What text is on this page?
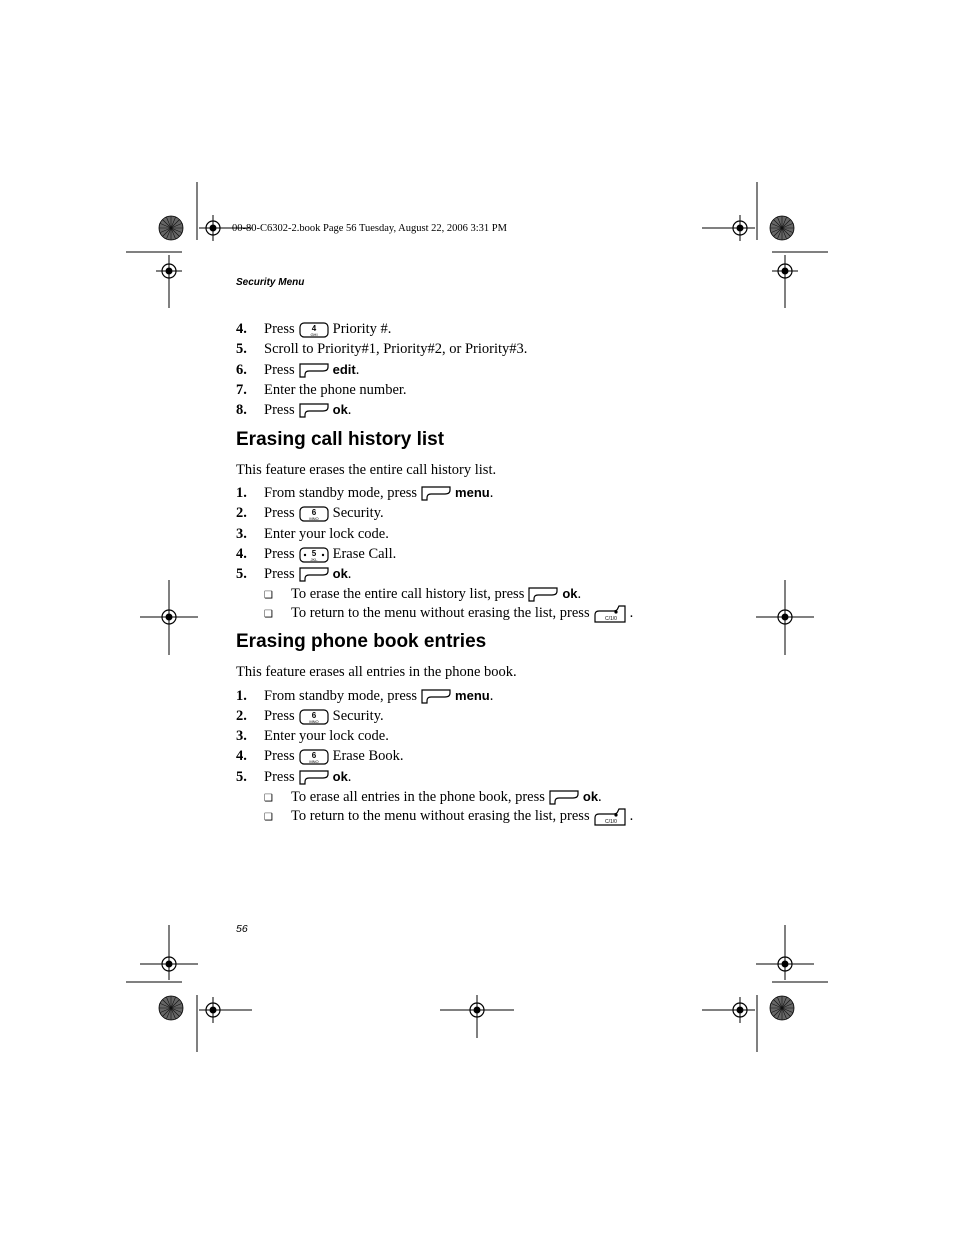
00-80-C6302-2.book Page 56 Tuesday, August 22, 2006 3:31 PM
Security Menu
4. Press 4
GHI Priority #.
5. Scroll to Priority#1, Priority#2, or Priority#3.
6. Press	edit.
7. Enter the phone number.
8. Press	ok.
Erasing call history list
This feature erases the entire call history list.
1. From standby mode, press	menu.
2. Press 6
MNO Security.
3. Enter your lock code.
4. Press 5
JKL Erase Call.
5. Press	ok.
❑ To erase the entire call history list, press	ok.
❑ To return to the menu without erasing the list, press	C/1/0 .
Erasing phone book entries
This feature erases all entries in the phone book.
1. From standby mode, press	menu.
2. Press 6
MNO Security.
3. Enter your lock code.
4. Press 6
MNO Erase Book.
5. Press	ok.
❑ To erase all entries in the phone book, press	ok.
❑ To return to the menu without erasing the list, press	C/1/0 .
56
